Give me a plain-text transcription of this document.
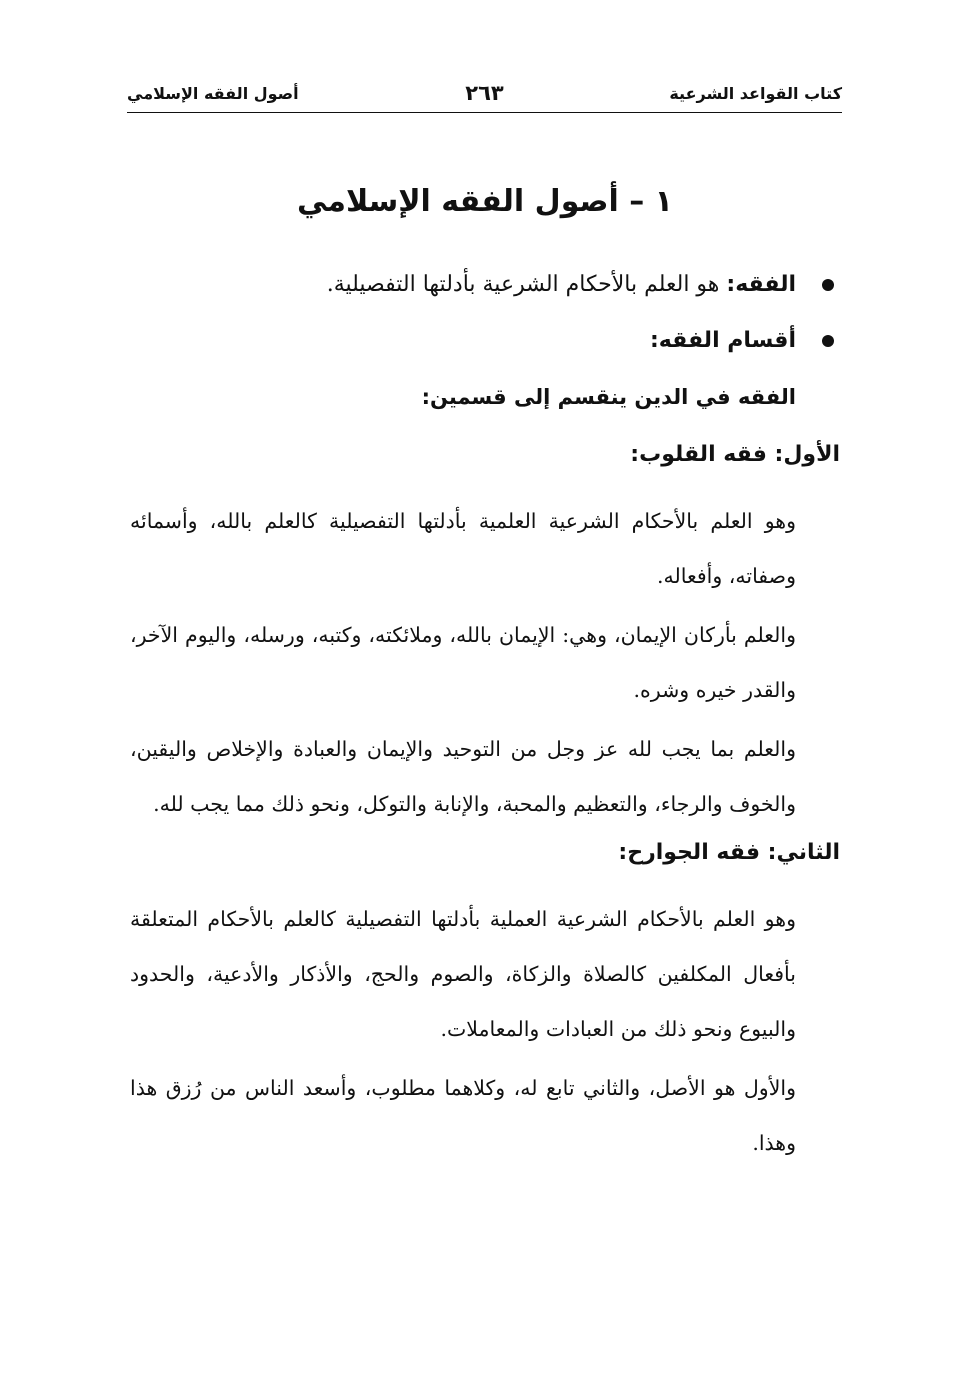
كتاب القواعد الشرعية
٢٦٣
أصول الفقه الإسلامي
١ – أصول الفقه الإسلامي
الفقه: هو العلم بالأحكام الشرعية بأدلتها التفصيلية.
أقسام الفقه:
الفقه في الدين ينقسم إلى قسمين:
الأول: فقه القلوب:

وهو العلم بالأحكام الشرعية العلمية بأدلتها التفصيلية كالعلم بالله، وأسمائه وصفاته، وأفعاله.

والعلم بأركان الإيمان، وهي: الإيمان بالله، وملائكته، وكتبه، ورسله، واليوم الآخر، والقدر خيره وشره.

والعلم بما يجب لله عز وجل من التوحيد والإيمان والعبادة والإخلاص واليقين، والخوف والرجاء، والتعظيم والمحبة، والإنابة والتوكل، ونحو ذلك مما يجب لله.

الثاني: فقه الجوارح:

وهو العلم بالأحكام الشرعية العملية بأدلتها التفصيلية كالعلم بالأحكام المتعلقة بأفعال المكلفين كالصلاة والزكاة، والصوم والحج، والأذكار والأدعية، والحدود والبيوع ونحو ذلك من العبادات والمعاملات.

والأول هو الأصل، والثاني تابع له، وكلاهما مطلوب، وأسعد الناس من رُزق هذا وهذا.
